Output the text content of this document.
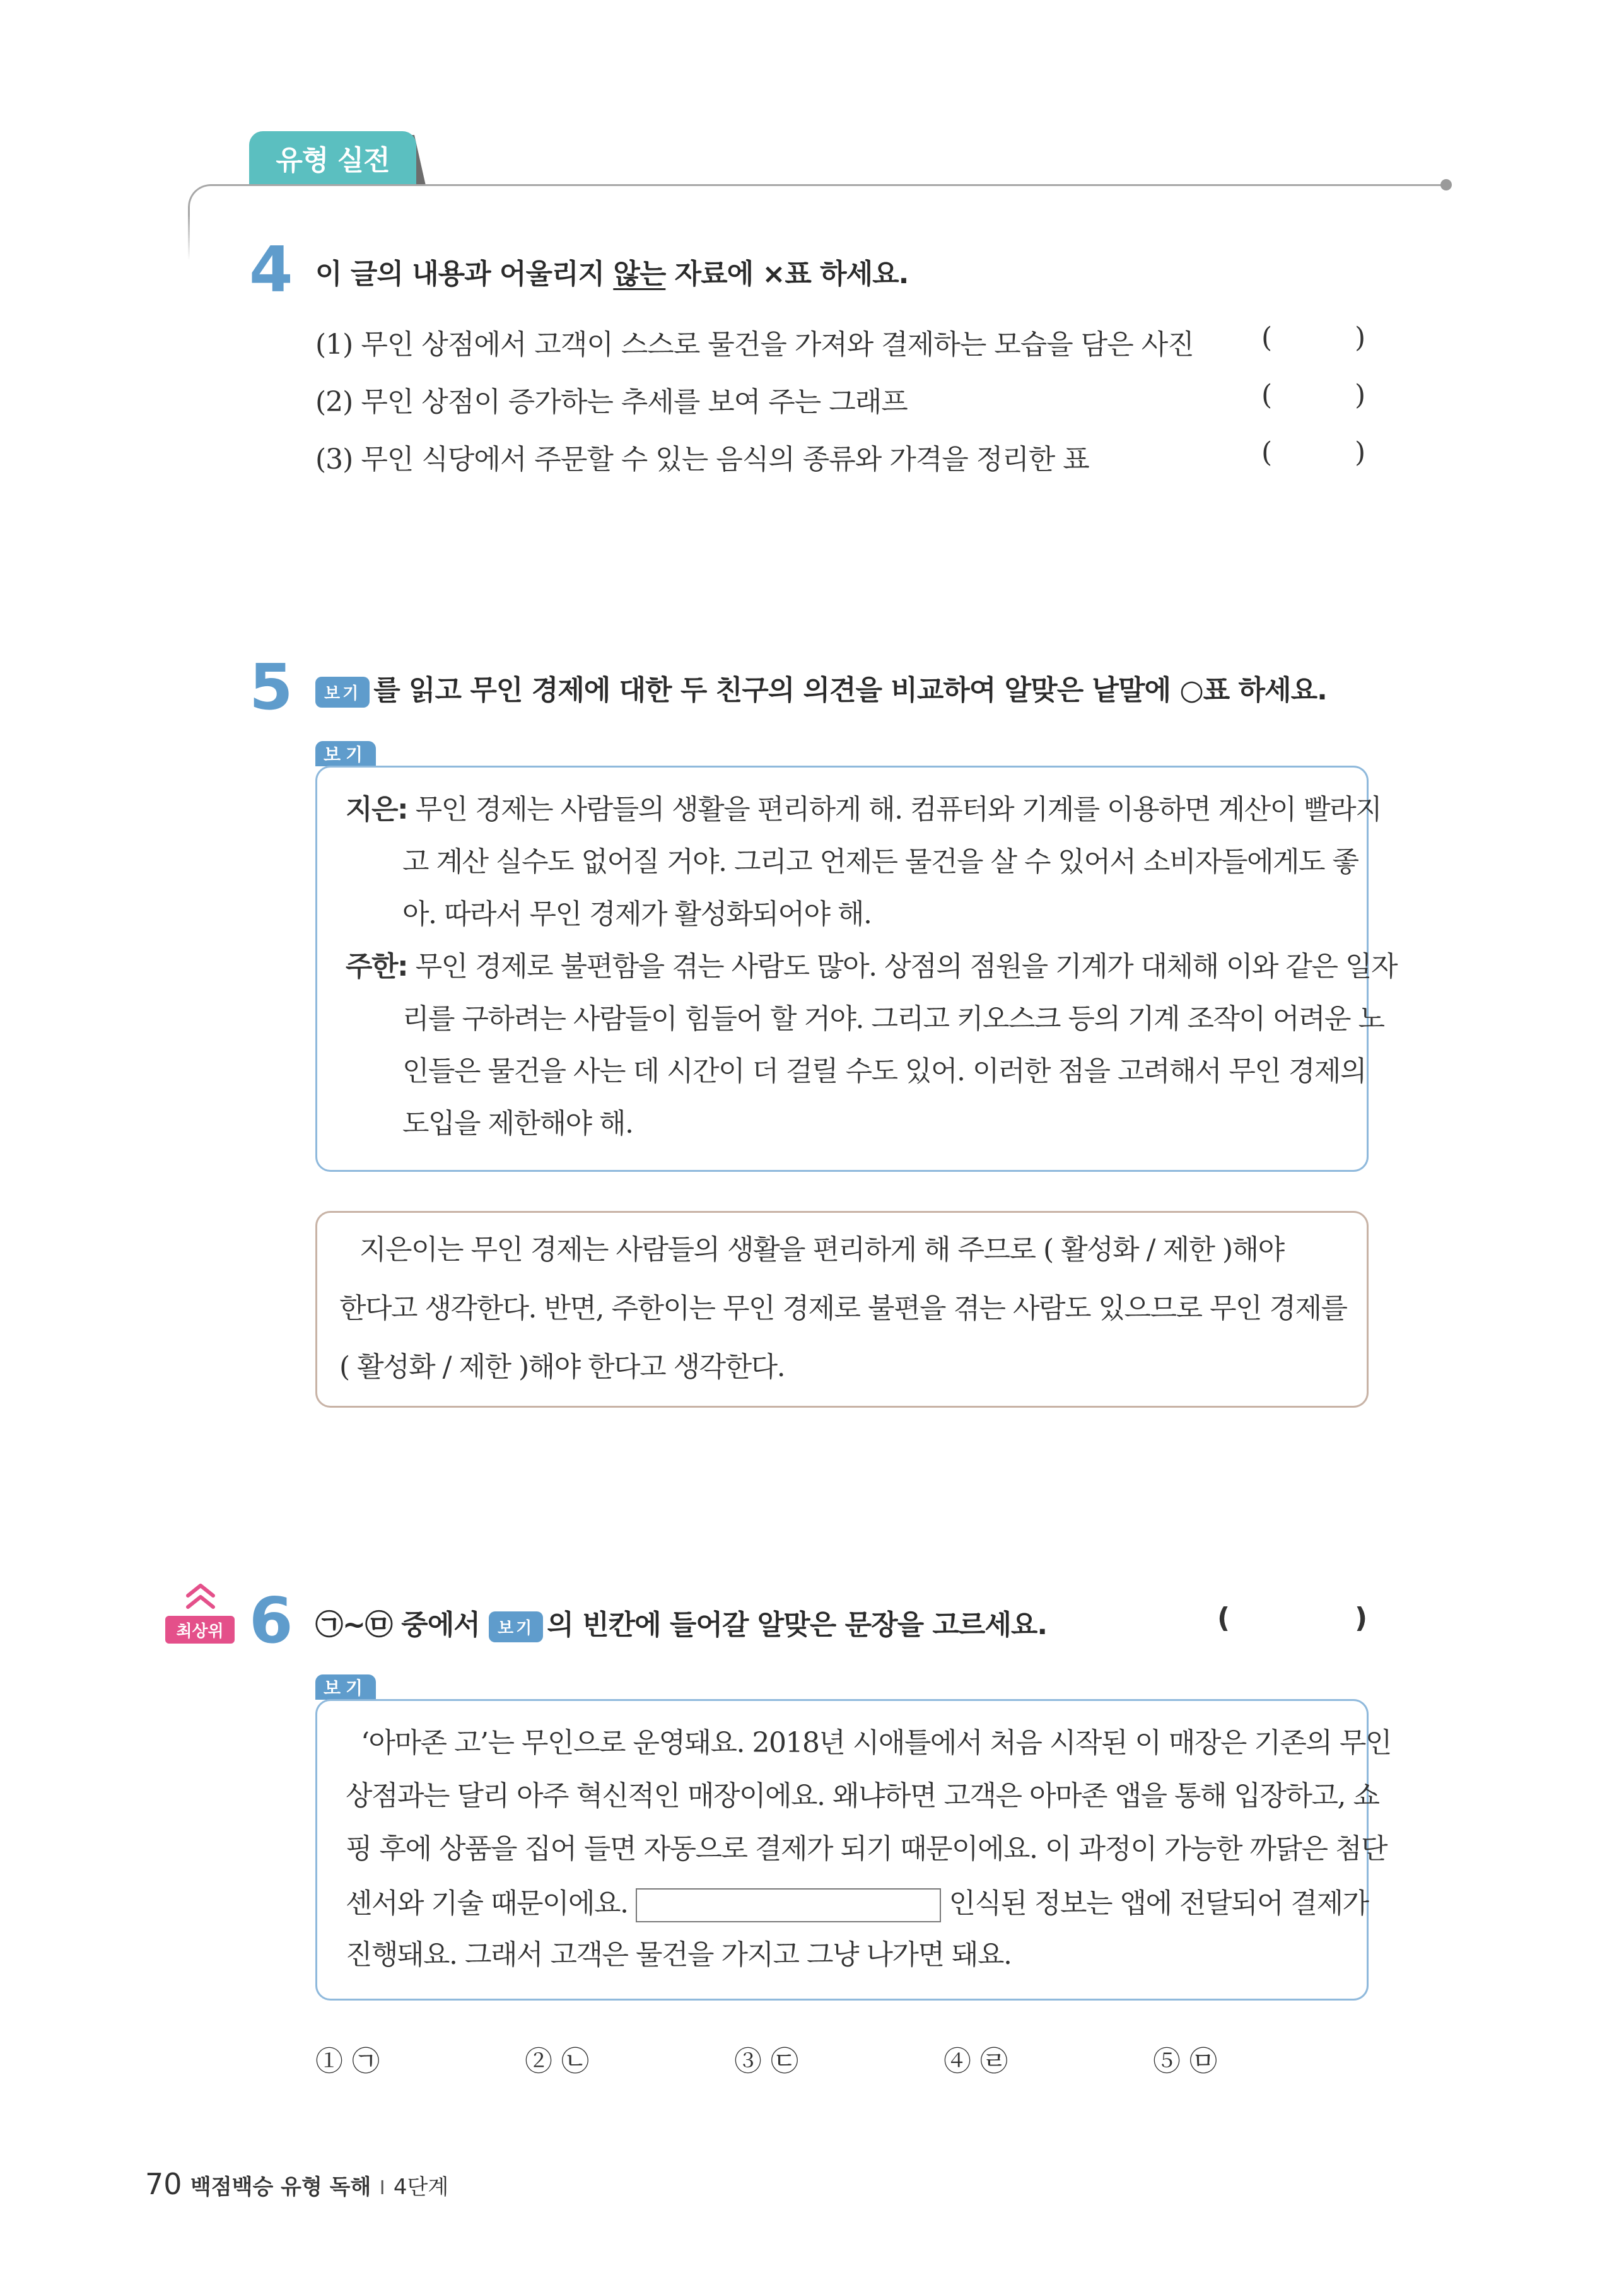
유형 실전
4 이 글의 내용과 어울리지 않는 자료에 ×표 하세요.
(1) 무인 상점에서 고객이 스스로 물건을 가져와 결제하는 모습을 담은 사진 (	)
(2) 무인 상점이 증가하는 추세를 보여 주는 그래프	(	)
(3) 무인 식당에서 주문할 수 있는 음식의 종류와 가격을 정리한 표	(	)
5	보기 를 읽고 무인 경제에 대한 두 친구의 의견을 비교하여 알맞은 낱말에 ○표 하세요.
보기
지은: 무인 경제는 사람들의 생활을 편리하게 해. 컴퓨터와 기계를 이용하면 계산이 빨라지
고 계산 실수도 없어질 거야. 그리고 언제든 물건을 살 수 있어서 소비자들에게도 좋
아. 따라서 무인 경제가 활성화되어야 해.
주한: 무인 경제로 불편함을 겪는 사람도 많아. 상점의 점원을 기계가 대체해 이와 같은 일자
리를 구하려는 사람들이 힘들어 할 거야. 그리고 키오스크 등의 기계 조작이 어려운 노
인들은 물건을 사는 데 시간이 더 걸릴 수도 있어. 이러한 점을 고려해서 무인 경제의
도입을 제한해야 해.
지은이는 무인 경제는 사람들의 생활을 편리하게 해 주므로 ( 활성화 / 제한 )해야
한다고 생각한다. 반면, 주한이는 무인 경제로 불편을 겪는 사람도 있으므로 무인 경제를
( 활성화 / 제한 )해야 한다고 생각한다.
최상위 6 ㉠~㉤ 중에서 보기 의 빈칸에 들어갈 알맞은 문장을 고르세요.	(	)
보기
‘아마존 고’는 무인으로 운영돼요. 2018년 시애틀에서 처음 시작된 이 매장은 기존의 무인
상점과는 달리 아주 혁신적인 매장이에요. 왜냐하면 고객은 아마존 앱을 통해 입장하고, 쇼
핑 후에 상품을 집어 들면 자동으로 결제가 되기 때문이에요. 이 과정이 가능한 까닭은 첨단
센서와 기술 때문이에요.	인식된 정보는 앱에 전달되어 결제가
진행돼요. 그래서 고객은 물건을 가지고 그냥 나가면 돼요.
① ㉠	② ㉡	③ ㉢	④ ㉣	⑤ ㉤
70 백점백승 유형 독해 I 4단계
